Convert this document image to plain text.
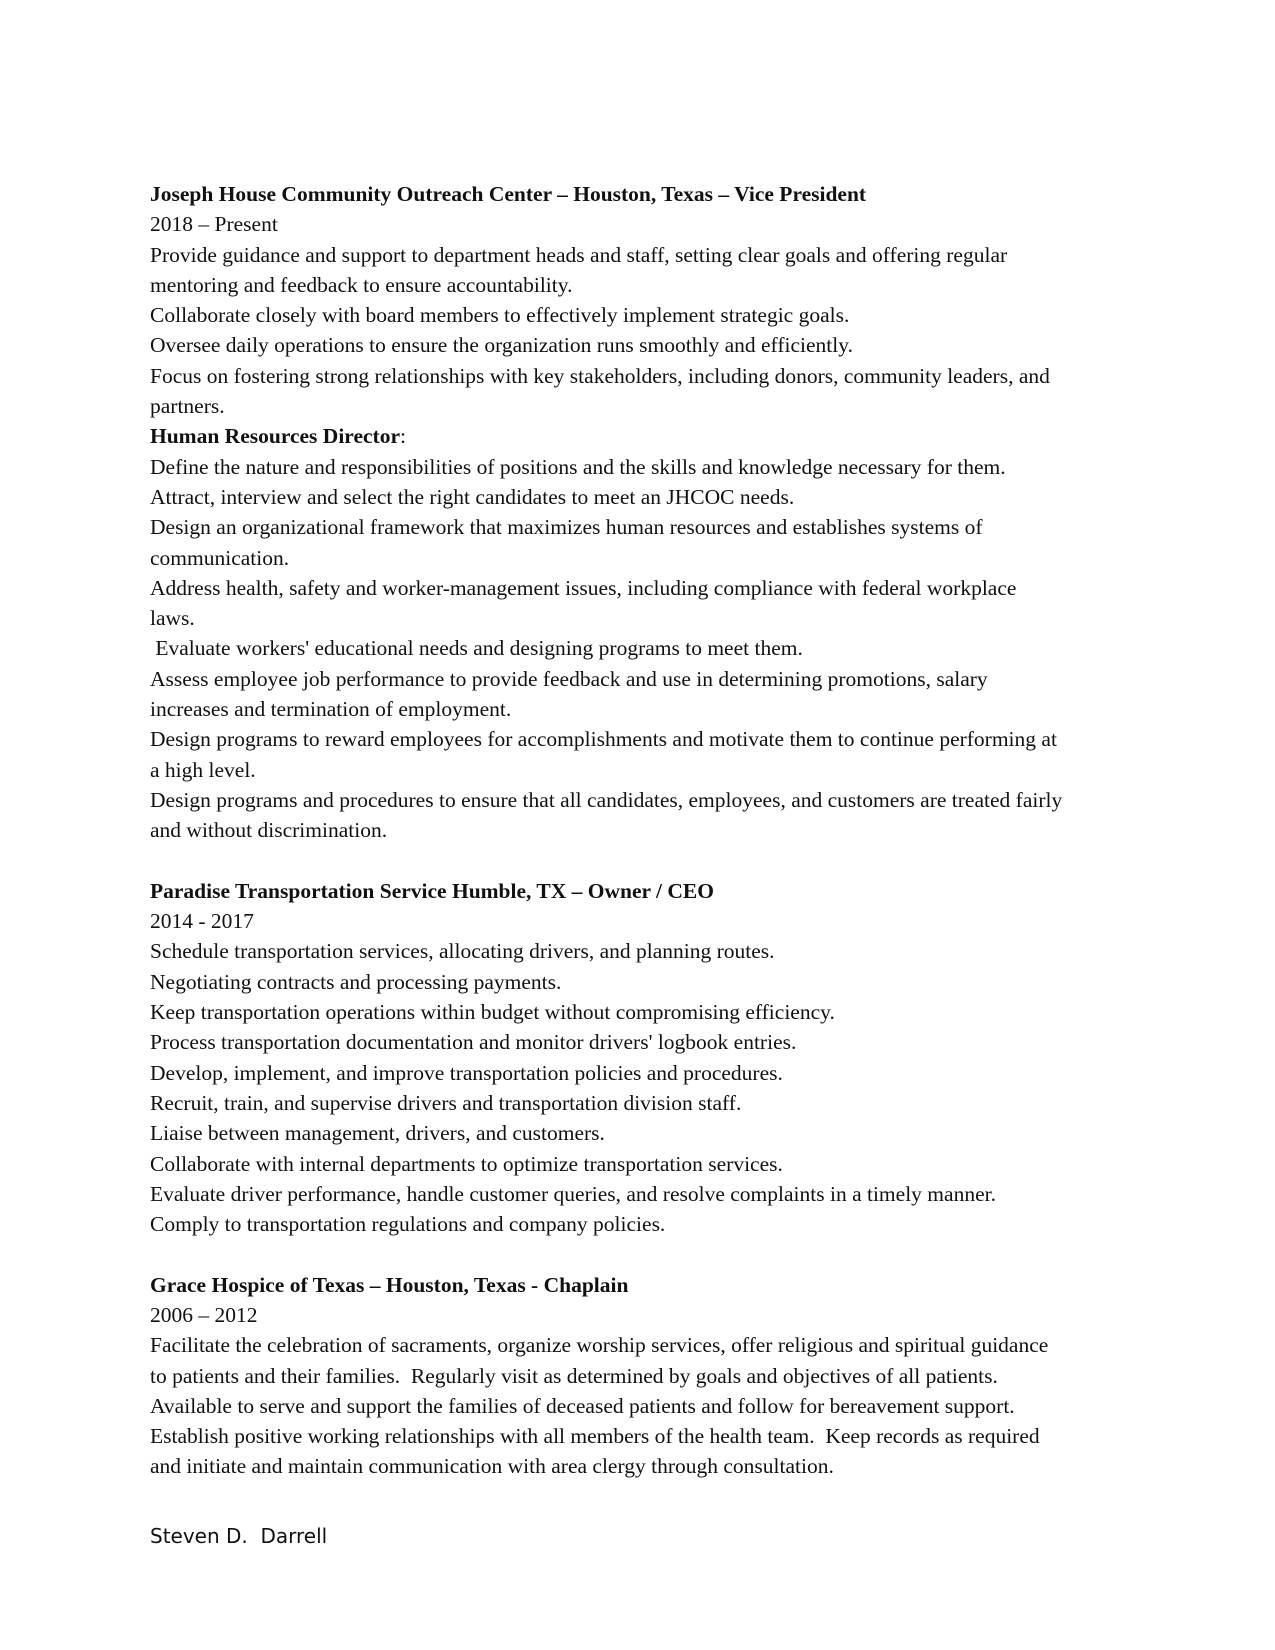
Joseph House Community Outreach Center – Houston, Texas – Vice President
2018 – Present
Provide guidance and support to department heads and staff, setting clear goals and offering regular
mentoring and feedback to ensure accountability.
Collaborate closely with board members to effectively implement strategic goals.
Oversee daily operations to ensure the organization runs smoothly and efficiently.
Focus on fostering strong relationships with key stakeholders, including donors, community leaders, and
partners.
Human Resources Director:
Define the nature and responsibilities of positions and the skills and knowledge necessary for them.
Attract, interview and select the right candidates to meet an JHCOC needs.
Design an organizational framework that maximizes human resources and establishes systems of
communication.
Address health, safety and worker-management issues, including compliance with federal workplace
laws.
Evaluate workers' educational needs and designing programs to meet them.
Assess employee job performance to provide feedback and use in determining promotions, salary
increases and termination of employment.
Design programs to reward employees for accomplishments and motivate them to continue performing at
a high level.
Design programs and procedures to ensure that all candidates, employees, and customers are treated fairly
and without discrimination.
Paradise Transportation Service Humble, TX – Owner / CEO
2014 - 2017
Schedule transportation services, allocating drivers, and planning routes.
Negotiating contracts and processing payments.
Keep transportation operations within budget without compromising efficiency.
Process transportation documentation and monitor drivers' logbook entries.
Develop, implement, and improve transportation policies and procedures.
Recruit, train, and supervise drivers and transportation division staff.
Liaise between management, drivers, and customers.
Collaborate with internal departments to optimize transportation services.
Evaluate driver performance, handle customer queries, and resolve complaints in a timely manner.
Comply to transportation regulations and company policies.
Grace Hospice of Texas – Houston, Texas - Chaplain
2006 – 2012
Facilitate the celebration of sacraments, organize worship services, offer religious and spiritual guidance
to patients and their families.  Regularly visit as determined by goals and objectives of all patients.
Available to serve and support the families of deceased patients and follow for bereavement support.
Establish positive working relationships with all members of the health team.  Keep records as required
and initiate and maintain communication with area clergy through consultation.
Steven D.  Darrell
